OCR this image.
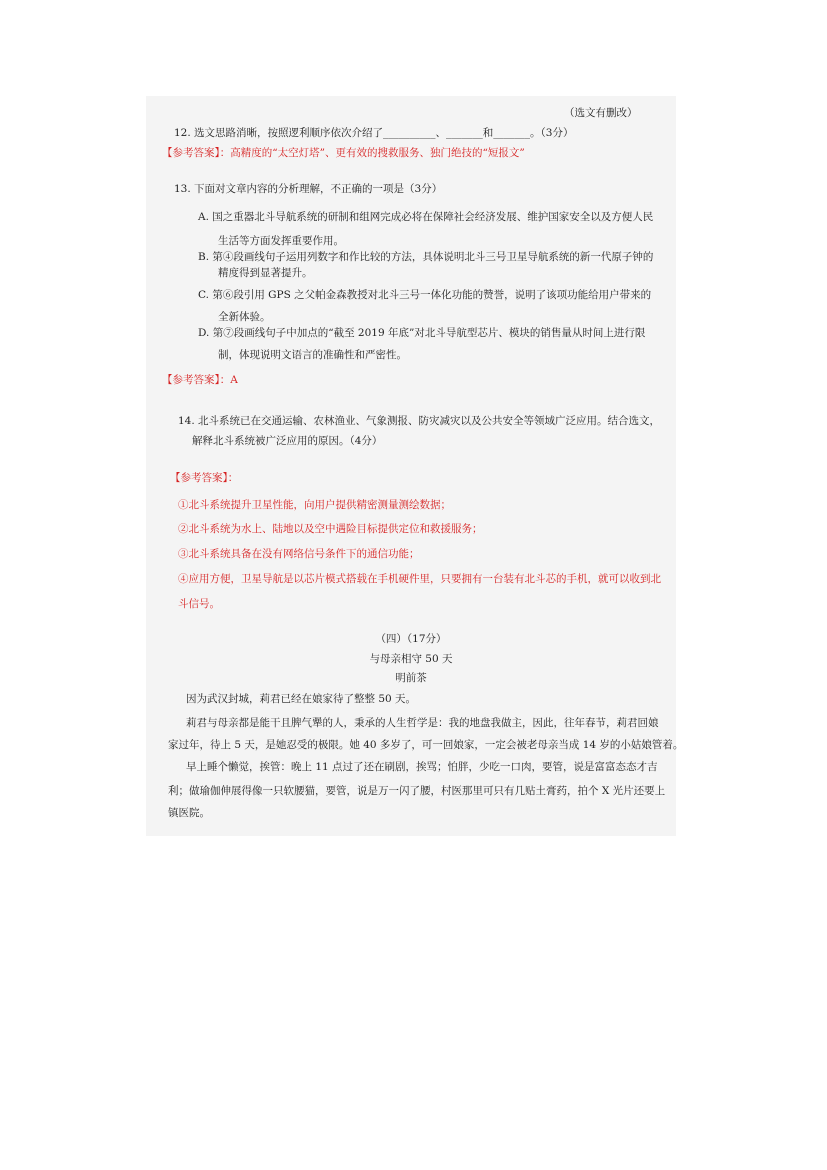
（选文有删改）
12. 选文思路消晰，按照逻利顺序依次介绍了__________、_______和_______。（3分）
【参考答案】：高精度的“太空灯塔”、更有效的搜救服务、独门绝技的“短报文”
13. 下面对文章内容的分析理解，不正确的一项是（3分）
A. 国之重器北斗导航系统的研制和组网完成必将在保障社会经济发展、维护国家安全以及方便人民
生活等方面发挥重要作用。
B. 第④段画线句子运用列数字和作比较的方法，具体说明北斗三号卫星导航系统的新一代原子钟的
精度得到显著提升。
C. 第⑥段引用 GPS 之父帕金森教授对北斗三号一体化功能的赞誉，说明了该项功能给用户带来的
全新体验。
D. 第⑦段画线句子中加点的“截至 2019 年底”对北斗导航型芯片、模块的销售量从时间上进行限
制，体现说明文语言的准确性和严密性。
【参考答案】：A
14. 北斗系统已在交通运输、农林渔业、气象测报、防灾减灾以及公共安全等领域广泛应用。结合选文，
解释北斗系统被广泛应用的原因。（4分）
【参考答案】：
①北斗系统提升卫星性能，向用户提供精密测量测绘数据；
②北斗系统为水上、陆地以及空中遇险目标提供定位和救援服务；
③北斗系统具备在没有网络信号条件下的通信功能；
④应用方便，卫星导航是以芯片模式搭载在手机硬件里，只要拥有一台装有北斗芯的手机，就可以收到北
斗信号。
（四）（17分）
与母亲相守 50 天
明前茶
因为武汉封城，莉君已经在娘家待了整整 50 天。
莉君与母亲都是能干且脾气犟的人，秉承的人生哲学是：我的地盘我做主，因此，往年春节，莉君回娘
家过年，待上 5 天，是她忍受的极限。她 40 多岁了，可一回娘家，一定会被老母亲当成 14 岁的小姑娘管着。
早上睡个懒觉，挨管：晚上 11 点过了还在刷剧，挨骂；怕胖，少吃一口肉，要管，说是富富态态才吉
利；做瑜伽伸展得像一只软腰猫，要管，说是万一闪了腰，村医那里可只有几贴土膏药，拍个 X 光片还要上
镇医院。
